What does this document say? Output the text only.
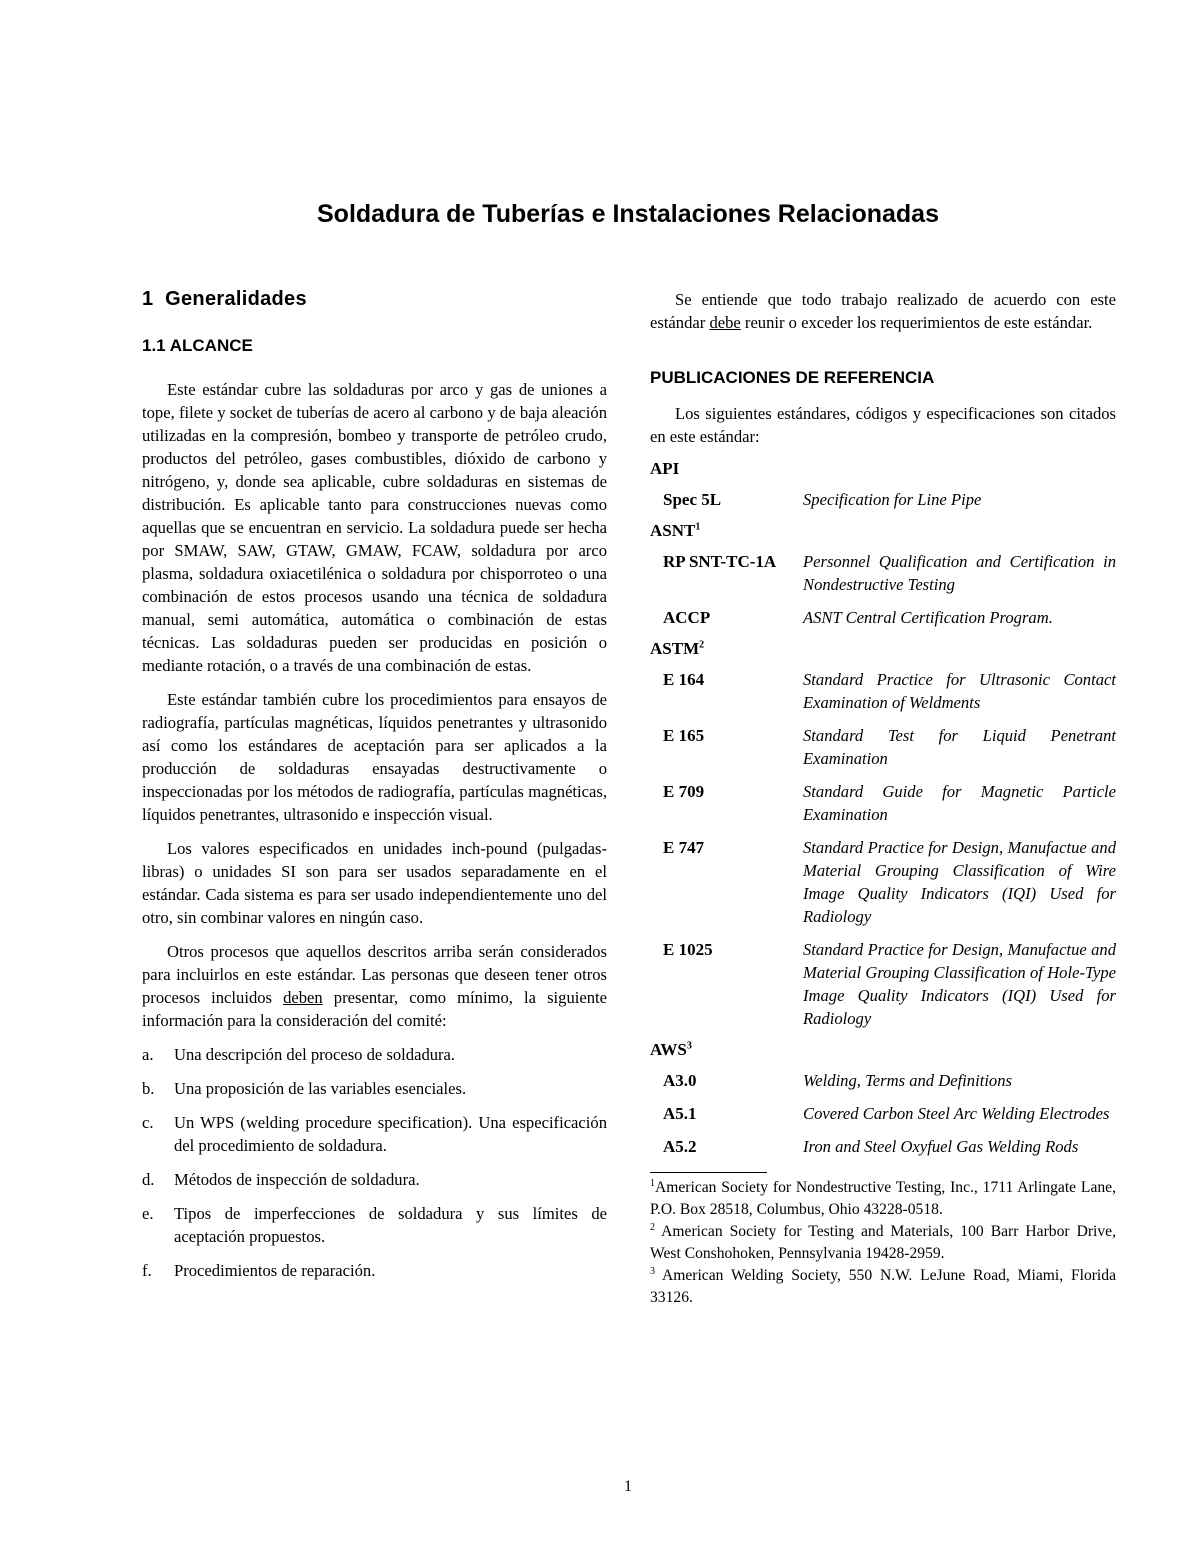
Soldadura de Tuberías e Instalaciones Relacionadas
1 Generalidades
1.1 ALCANCE

Este estándar cubre las soldaduras por arco y gas de uniones a tope, filete y socket de tuberías de acero al carbono y de baja aleación utilizadas en la compresión, bombeo y transporte de petróleo crudo, productos del petróleo, gases combustibles, dióxido de carbono y nitrógeno, y, donde sea aplicable, cubre soldaduras en sistemas de distribución. Es aplicable tanto para construcciones nuevas como aquellas que se encuentran en servicio. La soldadura puede ser hecha por SMAW, SAW, GTAW, GMAW, FCAW, soldadura por arco plasma, soldadura oxiacetilénica o soldadura por chisporroteo o una combinación de estos procesos usando una técnica de soldadura manual, semi automática, automática o combinación de estas técnicas. Las soldaduras pueden ser producidas en posición o mediante rotación, o a través de una combinación de estas.

Este estándar también cubre los procedimientos para ensayos de radiografía, partículas magnéticas, líquidos penetrantes y ultrasonido así como los estándares de aceptación para ser aplicados a la producción de soldaduras ensayadas destructivamente o inspeccionadas por los métodos de radiografía, partículas magnéticas, líquidos penetrantes, ultrasonido e inspección visual.

Los valores especificados en unidades inch-pound (pulgadas- libras) o unidades SI son para ser usados separadamente en el estándar. Cada sistema es para ser usado independientemente uno del otro, sin combinar valores en ningún caso.

Otros procesos que aquellos descritos arriba serán considerados para incluirlos en este estándar. Las personas que deseen tener otros procesos incluidos deben presentar, como mínimo, la siguiente información para la consideración del comité:

a. Una descripción del proceso de soldadura.
b. Una proposición de las variables esenciales.
c. Un WPS (welding procedure specification). Una especificación del procedimiento de soldadura.
d. Métodos de inspección de soldadura.
e. Tipos de imperfecciones de soldadura y sus límites de aceptación propuestos.
f. Procedimientos de reparación.

Se entiende que todo trabajo realizado de acuerdo con este estándar debe reunir o exceder los requerimientos de este estándar.

PUBLICACIONES DE REFERENCIA

Los siguientes estándares, códigos y especificaciones son citados en este estándar:

API
Spec 5L	Specification for Line Pipe
ASNT$^1$
RP SNT-TC-1A	Personnel Qualification and Certification in Nondestructive Testing
ACCP	ASNT Central Certification Program.
ASTM$^2$
E 164	Standard Practice for Ultrasonic Contact Examination of Weldments
E 165	Standard Test for Liquid Penetrant Examination
E 709	Standard Guide for Magnetic Particle Examination
E 747	Standard Practice for Design, Manufactue and Material Grouping Classification of Wire Image Quality Indicators (IQI) Used for Radiology
E 1025	Standard Practice for Design, Manufactue and Material Grouping Classification of Hole-Type Image Quality Indicators (IQI) Used for Radiology
AWS$^3$
A3.0	Welding, Terms and Definitions
A5.1	Covered Carbon Steel Arc Welding Electrodes
A5.2	Iron and Steel Oxyfuel Gas Welding Rods

$^1$American Society for Nondestructive Testing, Inc., 1711 Arlingate Lane, P.O. Box 28518, Columbus, Ohio 43228-0518.

$^2$ American Society for Testing and Materials, 100 Barr Harbor Drive, West Conshohoken, Pennsylvania 19428-2959.

$^3$ American Welding Society, 550 N.W. LeJune Road, Miami, Florida 33126.

1
